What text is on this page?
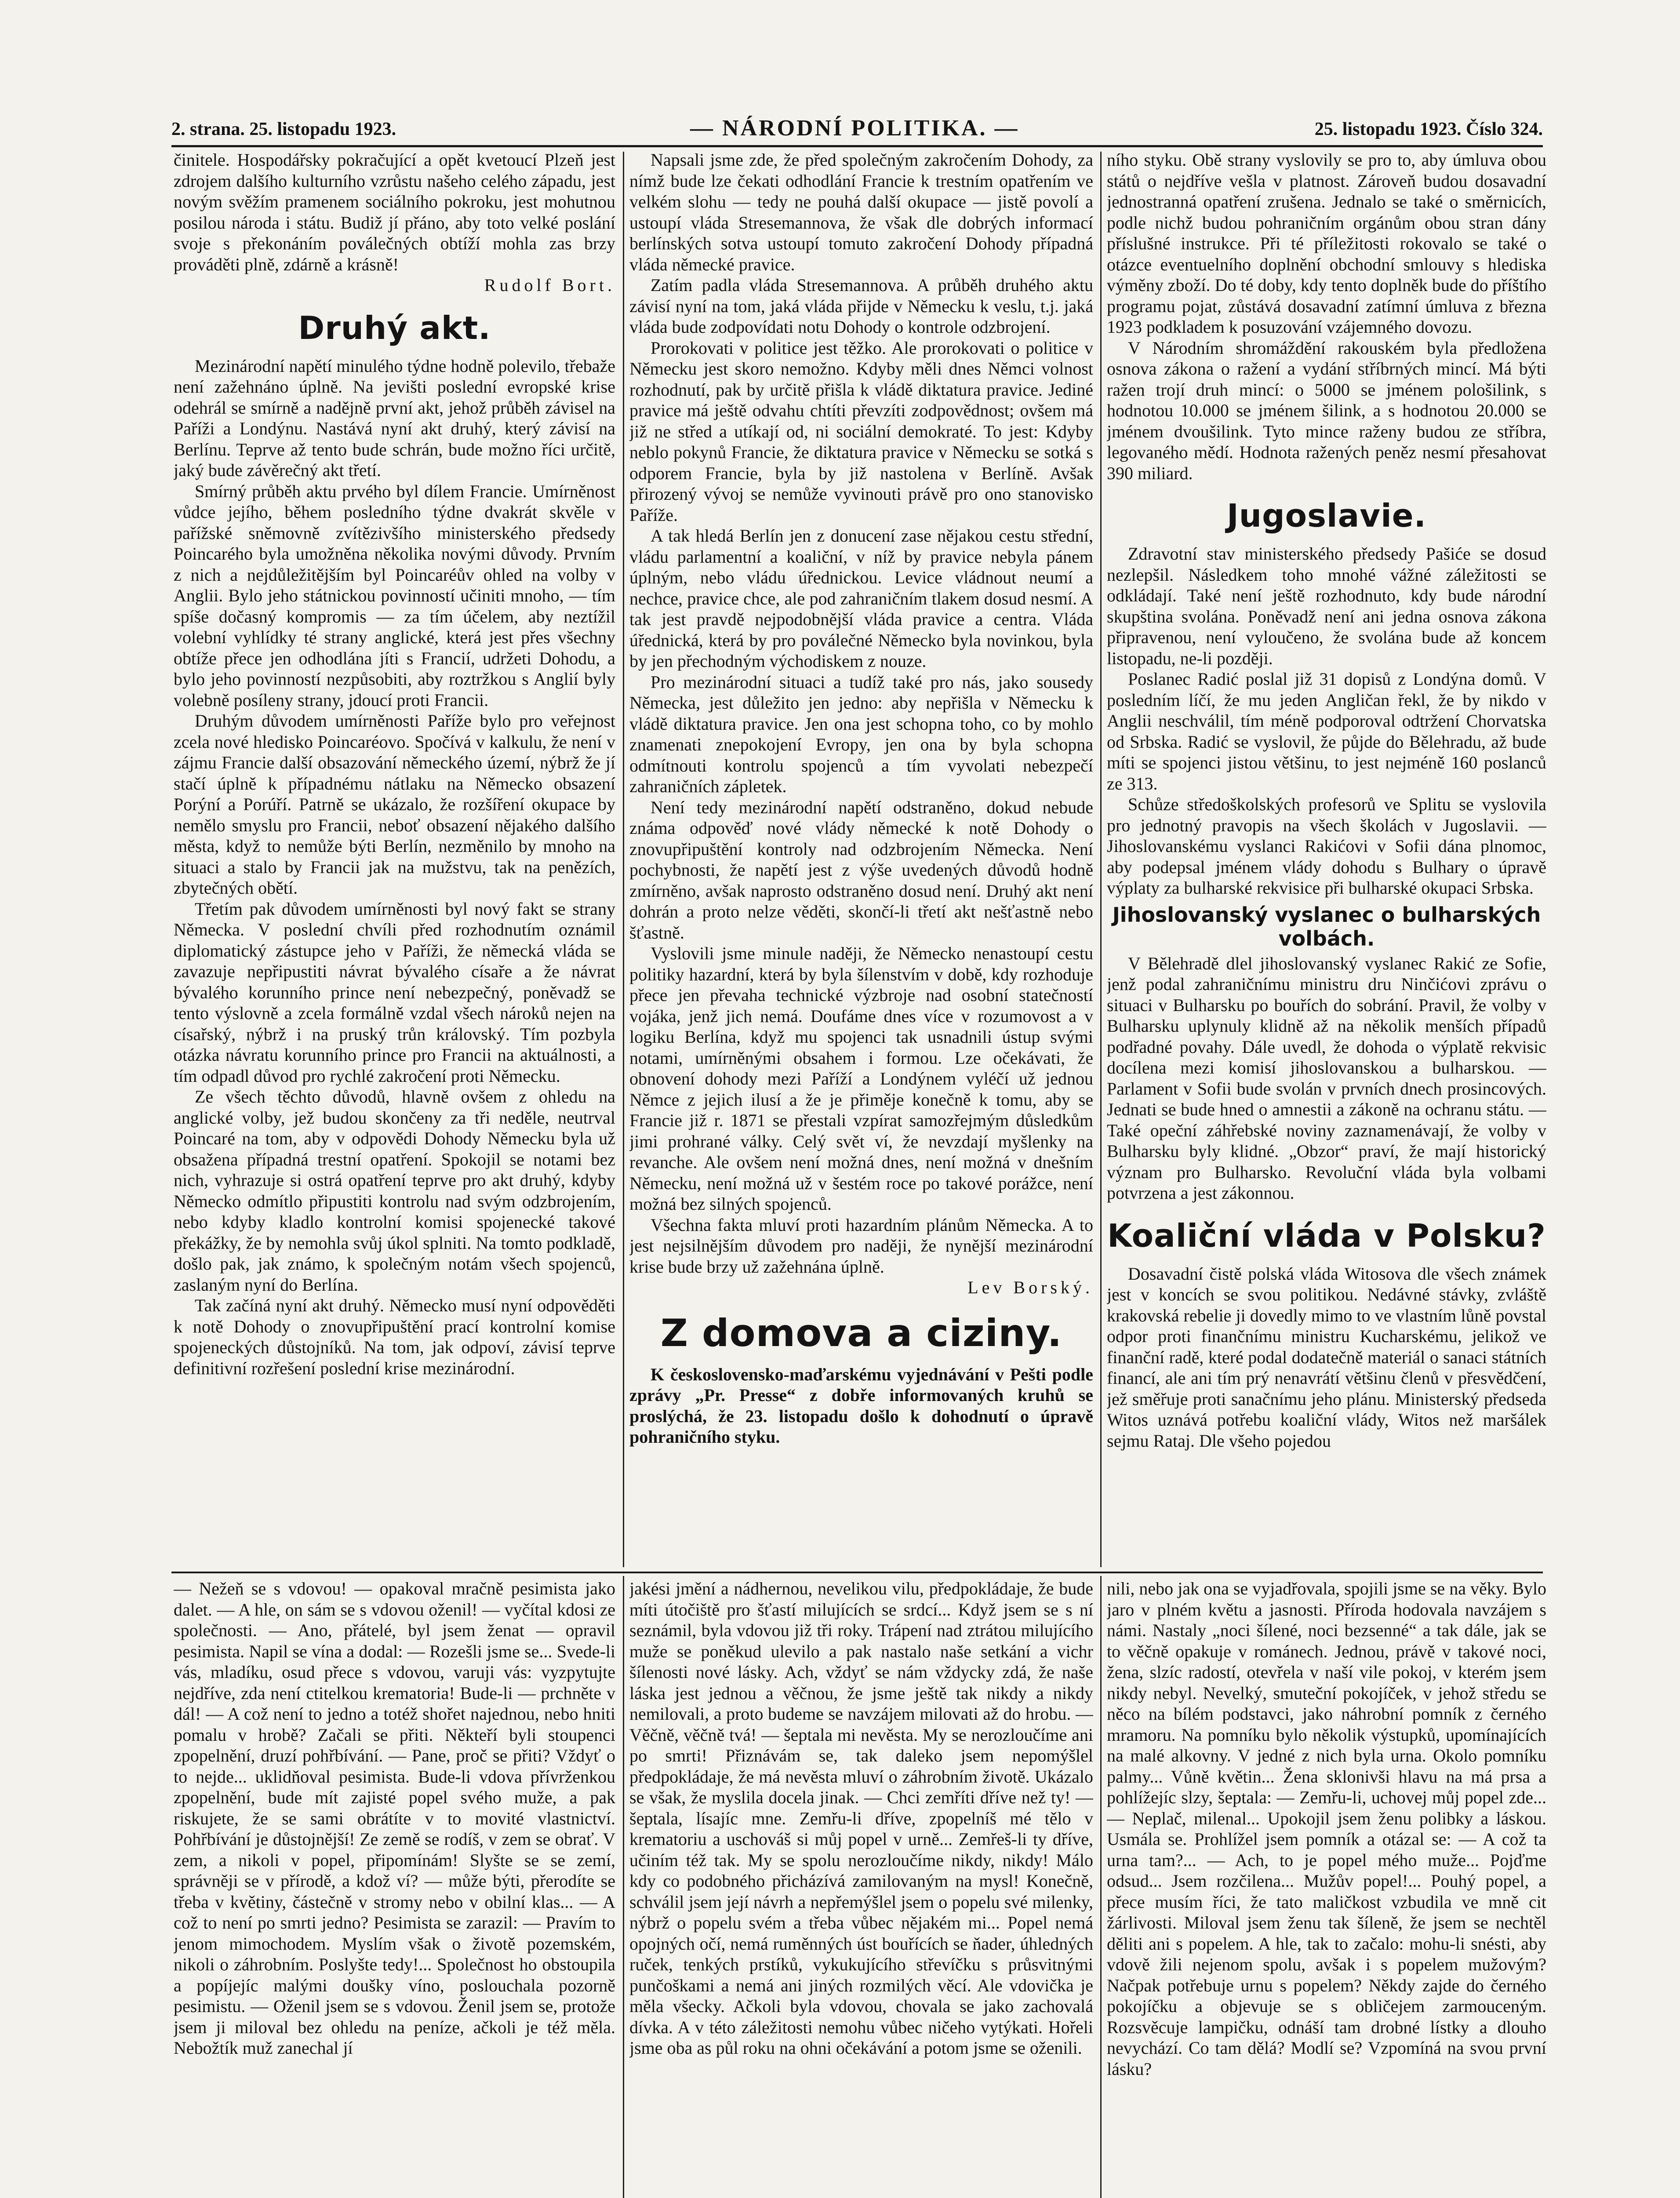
2. strana. 25. listopadu 1923.	— NÁRODNÍ POLITIKA. —	25. listopadu 1923. Číslo 324.

činitele. Hospodářsky pokračující a opět kvetoucí Plzeň jest zdrojem dalšího kulturního vzrůstu našeho celého západu, jest novým svěžím pramenem sociálního pokroku, jest mohutnou posilou národa i státu. Budiž jí přáno, aby toto velké poslání svoje s překonáním poválečných obtíží mohla zas brzy prováděti plně, zdárně a krásně!

Rudolf Bort.

Druhý akt.

Mezinárodní napětí minulého týdne hodně polevilo, třebaže není zažehnáno úplně. Na jevišti poslední evropské krise odehrál se smírně a nadějně první akt, jehož průběh závisel na Paříži a Londýnu. Nastává nyní akt druhý, který závisí na Berlínu. Teprve až tento bude schrán, bude možno říci určitě, jaký bude závěrečný akt třetí.

Smírný průběh aktu prvého byl dílem Francie. Umírněnost vůdce jejího, během posledního týdne dvakrát skvěle v pařížské sněmovně zvítězivšího ministerského předsedy Poincarého byla umožněna několika novými důvody. Prvním z nich a nejdůležitějším byl Poincaréův ohled na volby v Anglii. Bylo jeho státnickou povinností učiniti mnoho, — tím spíše dočasný kompromis — za tím účelem, aby neztížil volební vyhlídky té strany anglické, která jest přes všechny obtíže přece jen odhodlána jíti s Francií, udržeti Dohodu, a bylo jeho povinností nezpůsobiti, aby roztržkou s Anglií byly volebně posíleny strany, jdoucí proti Francii.

Druhým důvodem umírněnosti Paříže bylo pro veřejnost zcela nové hledisko Poincaréovo. Spočívá v kalkulu, že není v zájmu Francie další obsazování německého území, nýbrž že jí stačí úplně k případnému nátlaku na Německo obsazení Porýní a Porúří. Patrně se ukázalo, že rozšíření okupace by nemělo smyslu pro Francii, neboť obsazení nějakého dalšího města, když to nemůže býti Berlín, nezměnilo by mnoho na situaci a stalo by Francii jak na mužstvu, tak na penězích, zbytečných obětí.

Třetím pak důvodem umírněnosti byl nový fakt se strany Německa. V poslední chvíli před rozhodnutím oznámil diplomatický zástupce jeho v Paříži, že německá vláda se zavazuje nepřipustiti návrat bývalého císaře a že návrat bývalého korunního prince není nebezpečný, poněvadž se tento výslovně a zcela formálně vzdal všech nároků nejen na císařský, nýbrž i na pruský trůn královský. Tím pozbyla otázka návratu korunního prince pro Francii na aktuálnosti, a tím odpadl důvod pro rychlé zakročení proti Německu.

Ze všech těchto důvodů, hlavně ovšem z ohledu na anglické volby, jež budou skončeny za tři neděle, neutrval Poincaré na tom, aby v odpovědi Dohody Německu byla už obsažena případná trestní opatření. Spokojil se notami bez nich, vyhrazuje si ostrá opatření teprve pro akt druhý, kdyby Německo odmítlo připustiti kontrolu nad svým odzbrojením, nebo kdyby kladlo kontrolní komisi spojenecké takové překážky, že by nemohla svůj úkol splniti. Na tomto podkladě, došlo pak, jak známo, k společným notám všech spojenců, zaslaným nyní do Berlína.

Tak začíná nyní akt druhý. Německo musí nyní odpověděti k notě Dohody o znovupřipuštění prací kontrolní komise spojeneckých důstojníků. Na tom, jak odpoví, závisí teprve definitivní rozřešení poslední krise mezinárodní.

Napsali jsme zde, že před společným zakročením Dohody, za nímž bude lze čekati odhodlání Francie k trestním opatřením ve velkém slohu — tedy ne pouhá další okupace — jistě povolí a ustoupí vláda Stresemannova, že však dle dobrých informací berlínských sotva ustoupí tomuto zakročení Dohody případná vláda německé pravice.

Zatím padla vláda Stresemannova. A průběh druhého aktu závisí nyní na tom, jaká vláda přijde v Německu k veslu, t.j. jaká vláda bude zodpovídati notu Dohody o kontrole odzbrojení.

Prorokovati v politice jest těžko. Ale prorokovati o politice v Německu jest skoro nemožno. Kdyby měli dnes Němci volnost rozhodnutí, pak by určitě přišla k vládě diktatura pravice. Jediné pravice má ještě odvahu chtíti převzíti zodpovědnost; ovšem má již ne střed a utíkají od, ni sociální demokraté. To jest: Kdyby neblo pokynů Francie, že diktatura pravice v Německu se sotká s odporem Francie, byla by již nastolena v Berlíně. Avšak přirozený vývoj se nemůže vyvinouti právě pro ono stanovisko Paříže.

A tak hledá Berlín jen z donucení zase nějakou cestu střední, vládu parlamentní a koaliční, v níž by pravice nebyla pánem úplným, nebo vládu úřednickou. Levice vládnout neumí a nechce, pravice chce, ale pod zahraničním tlakem dosud nesmí. A tak jest pravdě nejpodobnější vláda pravice a centra. Vláda úřednická, která by pro poválečné Německo byla novinkou, byla by jen přechodným východiskem z nouze.

Pro mezinárodní situaci a tudíž také pro nás, jako sousedy Německa, jest důležito jen jedno: aby nepřišla v Německu k vládě diktatura pravice. Jen ona jest schopna toho, co by mohlo znamenati znepokojení Evropy, jen ona by byla schopna odmítnouti kontrolu spojenců a tím vyvolati nebezpečí zahraničních zápletek.

Není tedy mezinárodní napětí odstraněno, dokud nebude známa odpověď nové vlády německé k notě Dohody o znovupřipuštění kontroly nad odzbrojením Německa. Není pochybnosti, že napětí jest z výše uvedených důvodů hodně zmírněno, avšak naprosto odstraněno dosud není. Druhý akt není dohrán a proto nelze věděti, skončí-li třetí akt nešťastně nebo šťastně.

Vyslovili jsme minule naději, že Německo nenastoupí cestu politiky hazardní, která by byla šílenstvím v době, kdy rozhoduje přece jen převaha technické výzbroje nad osobní statečností vojáka, jenž jich nemá. Doufáme dnes více v rozumovost a v logiku Berlína, když mu spojenci tak usnadnili ústup svými notami, umírněnými obsahem i formou. Lze očekávati, že obnovení dohody mezi Paříží a Londýnem vyléčí už jednou Němce z jejich ilusí a že je přiměje konečně k tomu, aby se Francie již r. 1871 se přestali vzpírat samozřejmým důsledkům jimi prohrané války. Celý svět ví, že nevzdají myšlenky na revanche. Ale ovšem není možná dnes, není možná v dnešním Německu, není možná už v šestém roce po takové porážce, není možná bez silných spojenců.

Všechna fakta mluví proti hazardním plánům Německa. A to jest nejsilnějším důvodem pro naději, že nynější mezinárodní krise bude brzy už zažehnána úplně.

Lev Borský.

Z domova a ciziny.

K československo-maďarskému vyjednávání v Pešti podle zprávy „Pr. Presse“ z dobře informovaných kruhů se proslýchá, že 23. listopadu došlo k dohodnutí o úpravě pohraničního styku.

ního styku. Obě strany vyslovily se pro to, aby úmluva obou států o nejdříve vešla v platnost. Zároveň budou dosavadní jednostranná opatření zrušena. Jednalo se také o směrnicích, podle nichž budou pohraničním orgánům obou stran dány příslušné instrukce. Při té příležitosti rokovalo se také o otázce eventuelního doplnění obchodní smlouvy s hlediska výměny zboží. Do té doby, kdy tento doplněk bude do příštího programu pojat, zůstává dosavadní zatímní úmluva z března 1923 podkladem k posuzování vzájemného dovozu.

V Národním shromáždění rakouském byla předložena osnova zákona o ražení a vydání stříbrných mincí. Má býti ražen trojí druh mincí: o 5000 se jménem pološilink, s hodnotou 10.000 se jménem šilink, a s hodnotou 20.000 se jménem dvoušilink. Tyto mince raženy budou ze stříbra, legovaného mědí. Hodnota ražených peněz nesmí přesahovat 390 miliard.

Jugoslavie.

Zdravotní stav ministerského předsedy Pašiće se dosud nezlepšil. Následkem toho mnohé vážné záležitosti se odkládají. Také není ještě rozhodnuto, kdy bude národní skupština svolána. Poněvadž není ani jedna osnova zákona připravenou, není vyloučeno, že svolána bude až koncem listopadu, ne-li později.

Poslanec Radić poslal již 31 dopisů z Londýna domů. V posledním líčí, že mu jeden Angličan řekl, že by nikdo v Anglii neschválil, tím méně podporoval odtržení Chorvatska od Srbska. Radić se vyslovil, že půjde do Bělehradu, až bude míti se spojenci jistou většinu, to jest nejméně 160 poslanců ze 313.

Schůze středoškolských profesorů ve Splitu se vyslovila pro jednotný pravopis na všech školách v Jugoslavii. — Jihoslovanskému vyslanci Rakićovi v Sofii dána plnomoc, aby podepsal jménem vlády dohodu s Bulhary o úpravě výplaty za bulharské rekvisice při bulharské okupaci Srbska.

Jihoslovanský vyslanec o bulharských volbách.

V Bělehradě dlel jihoslovanský vyslanec Rakić ze Sofie, jenž podal zahraničnímu ministru dru Ninčićovi zprávu o situaci v Bulharsku po bouřích do sobrání. Pravil, že volby v Bulharsku uplynuly klidně až na několik menších případů podřadné povahy. Dále uvedl, že dohoda o výplatě rekvisic docílena mezi komisí jihoslovanskou a bulharskou. — Parlament v Sofii bude svolán v prvních dnech prosincových. Jednati se bude hned o amnestii a zákoně na ochranu státu. — Také opeční záhřebské noviny zaznamenávají, že volby v Bulharsku byly klidné. „Obzor“ praví, že mají historický význam pro Bulharsko. Revoluční vláda byla volbami potvrzena a jest zákonnou.

Koaliční vláda v Polsku?

Dosavadní čistě polská vláda Witosova dle všech známek jest v koncích se svou politikou. Nedávné stávky, zvláště krakovská rebelie ji dovedly mimo to ve vlastním lůně povstal odpor proti finančnímu ministru Kucharskému, jelikož ve finanční radě, které podal dodatečně materiál o sanaci státních financí, ale ani tím prý nenavrátí většinu členů v přesvědčení, jež směřuje proti sanačnímu jeho plánu. Ministerský předseda Witos uznává potřebu koaliční vlády, Witos než maršálek sejmu Rataj. Dle všeho pojedou

— Nežeň se s vdovou! — opakoval mračně pesimista jako dalet. — A hle, on sám se s vdovou oženil! — vyčítal kdosi ze společnosti. — Ano, přátelé, byl jsem ženat — opravil pesimista. Napil se vína a dodal: — Rozešli jsme se... Svede-li vás, mladíku, osud přece s vdovou, varuji vás: vyzpytujte nejdříve, zda není ctitelkou krematoria! Bude-li — prchněte v dál! — A což není to jedno a totéž shořet najednou, nebo hniti pomalu v hrobě? Začali se přiti. Někteří byli stoupenci zpopelnění, druzí pohřbívání. — Pane, proč se přiti? Vždyť o to nejde... uklidňoval pesimista. Bude-li vdova přívrženkou zpopelnění, bude mít zajisté popel svého muže, a pak riskujete, že se sami obrátíte v to movité vlastnictví. Pohřbívání je důstojnější! Ze země se rodíš, v zem se obrať. V zem, a nikoli v popel, připomínám! Slyšte se se zemí, správněji se v přírodě, a kdož ví? — může býti, přerodíte se třeba v květiny, částečně v stromy nebo v obilní klas... — A což to není po smrti jedno? Pesimista se zarazil: — Pravím to jenom mimochodem. Myslím však o životě pozemském, nikoli o záhrobním. Poslyšte tedy!... Společnost ho obstoupila a popíjejíc malými doušky víno, poslouchala pozorně pesimistu. — Oženil jsem se s vdovou. Ženil jsem se, protože jsem ji miloval bez ohledu na peníze, ačkoli je též měla. Nebožtík muž zanechal jí

jakési jmění a nádhernou, nevelikou vilu, předpokládaje, že bude míti útočiště pro šťastí milujících se srdcí... Když jsem se s ní seznámil, byla vdovou již tři roky. Trápení nad ztrátou milujícího muže se poněkud ulevilo a pak nastalo naše setkání a vichr šílenosti nové lásky. Ach, vždyť se nám vždycky zdá, že naše láska jest jednou a věčnou, že jsme ještě tak nikdy a nikdy nemilovali, a proto budeme se navzájem milovati až do hrobu. — Věčně, věčně tvá! — šeptala mi nevěsta. My se nerozloučíme ani po smrti! Přiznávám se, tak daleko jsem nepomýšlel předpokládaje, že má nevěsta mluví o záhrobním životě. Ukázalo se však, že myslila docela jinak. — Chci zemříti dříve než ty! — šeptala, lísajíc mne. Zemřu-li dříve, zpopelníš mé tělo v krematoriu a uschováš si můj popel v urně... Zemřeš-li ty dříve, učiním též tak. My se spolu nerozloučíme nikdy, nikdy! Málo kdy co podobného přicházívá zamilovaným na mysl! Konečně, schválil jsem její návrh a nepřemýšlel jsem o popelu své milenky, nýbrž o popelu svém a třeba vůbec nějakém mi... Popel nemá opojných očí, nemá ruměnných úst bouřících se ňader, úhledných ruček, tenkých prstíků, vykukujícího střevíčku s průsvitnými punčoškami a nemá ani jiných rozmilých věcí. Ale vdovička je měla všecky. Ačkoli byla vdovou, chovala se jako zachovalá dívka. A v této záležitosti nemohu vůbec ničeho vytýkati. Hořeli jsme oba as půl roku na ohni očekávání a potom jsme se oženili.

nili, nebo jak ona se vyjadřovala, spojili jsme se na věky. Bylo jaro v plném květu a jasnosti. Příroda hodovala navzájem s námi. Nastaly „noci šílené, noci bezsenné“ a tak dále, jak se to věčně opakuje v románech. Jednou, právě v takové noci, žena, slzíc radostí, otevřela v naší vile pokoj, v kterém jsem nikdy nebyl. Nevelký, smuteční pokojíček, v jehož středu se něco na bílém podstavci, jako náhrobní pomník z černého mramoru. Na pomníku bylo několik výstupků, upomínajících na malé alkovny. V jedné z nich byla urna. Okolo pomníku palmy... Vůně květin... Žena sklonivši hlavu na má prsa a pohlížejíc slzy, šeptala: — Zemřu-li, uchovej můj popel zde... — Neplač, milenal... Upokojil jsem ženu polibky a láskou. Usmála se. Prohlížel jsem pomník a otázal se: — A což ta urna tam?... — Ach, to je popel mého muže... Pojďme odsud... Jsem rozčilena... Mužův popel!... Pouhý popel, a přece musím říci, že tato maličkost vzbudila ve mně cit žárlivosti. Miloval jsem ženu tak šíleně, že jsem se nechtěl děliti ani s popelem. A hle, tak to začalo: mohu-li snésti, aby vdově žili nejenom spolu, avšak i s popelem mužovým? Načpak potřebuje urnu s popelem? Někdy zajde do černého pokojíčku a objevuje se s obličejem zarmouceným. Rozsvěcuje lampičku, odnáší tam drobné lístky a dlouho nevychází. Co tam dělá? Modlí se? Vzpomíná na svou první lásku?
